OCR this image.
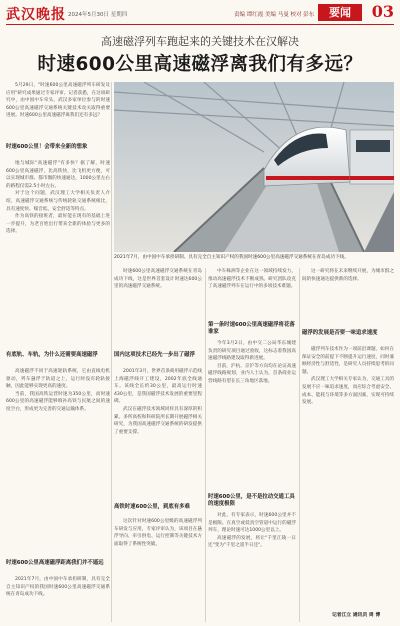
武汉晚报 2024年5月30日 星期四	责编 谭红霞 美编 马曼 校对 彭东	要闻	03
高速磁浮列车跑起来的关键技术在汉解决
时速600公里高速磁浮离我们有多远？

5月29日，"时速600公里高速磁浮列车研发及应用"研究成果通过专家评审。记者获悉，在这项研究中，由中国中车牵头、武汉多家单位参与的时速600公里高速磁浮交通系统关键技术攻关取得重要进展。时速600公里高速磁浮离我们还有多远？

时速600公里！会带来全新的想象

地与城际"高速磁浮"有多快？据了解，时速600公里高速磁浮，比高铁快，比飞机更方便，可以实现城市群、都市圈的快速通达，1000公里左右的路程仅需2.5小时左右。

对于这个问题，武汉理工大学相关负责人介绍，高速磁浮交通系统与传统轮轨交通系统相比，具有速度快、噪音低、安全舒适等特点。

作为高铁的接班者，最好能在现有的基础上进一步提升，为老百姓出行带来全新的体验与更多的选择。

有底轨、车轨，为什么还需要高速磁浮

高速磁浮不同于高速轮轨系统，它由直线电机驱动，列车悬浮于轨道之上，运行时没有轮轨接触，因此能够实现更高的速度。

当前，我国高铁运营时速为350公里，而时速600公里的高速磁浮能够填补高铁与民航之间的速度空白，形成更为完善的交通运输体系。

时速600公里高速磁浮距离我们并不遥远

2021年7月，由中国中车承担研制，具有完全自主知识产权的我国时速600公里高速磁浮交通系统在青岛成功下线。

2021年7月，由中国中车承担研制、具有完全自主知识产权的我国时速600公里高速磁浮交通系统在青岛成功下线。

时速600公里高速磁浮交通系统在青岛成功下线，这是世界首套设计时速达600公里的高速磁浮交通系统。

国内这项技术已经先一步出了磁浮

2001年3月，世界首条商用磁浮示范线上海磁浮线开工建设，2002年底全线通车。该线全长约30公里，最高运行时速430公里，是我国磁浮技术发展的重要里程碑。

武汉在磁浮技术领域同样具有深厚的积累。多所高校和科研院所长期开展磁浮相关研究，为我国高速磁浮交通系统的研发提供了重要支撑。

高铁时速600公里，到底有多难

这次针对时速600公里级的高速磁浮列车研发与应用，专家评审认为，该项目在悬浮导向、牵引供电、运行控制等关键技术方面取得了系统性突破。

中车株洲等企业在这一领域持续发力，推动高速磁浮技术不断成熟。研究团队攻克了高速磁浮列车在运行中的多项技术难题。

第一条时速600公里高速磁浮将花落谁家

今年3月2日，由中交二公局华东城建负责的研究项目通过验收，这标志着我国高速磁浮线路建设取得新进展。

目前，沪杭、京沪等方向均在论证高速磁浮线路规划，业内人士认为，首条商业运营线路有望在长三角地区落地。

时速600公里，是不是拉动交通工具的速度极限

对此，有专家表示，时速600公里并不是极限。在真空或低真空管道中运行的磁浮列车，理论时速可达1000公里以上。

高速磁浮的发展，将让"千里江陵一日还"变为"千里之遥半日还"。

这一研究将在未来继续开展，为城市群之间的快速通达提供新的选择。

磁浮的发展是否要一味追求速度

磁浮列车技术作为一项前沿课题，如何在保证安全的前提下不断提升运行速度，同时兼顾经济性与舒适性，是研究人员持续思考的问题。

武汉理工大学相关专家认为，交通工具的发展不应一味追求速度，而应综合考虑安全、成本、能耗与环境等多方面因素，实现可持续发展。

记者江立 通讯员 周 博
